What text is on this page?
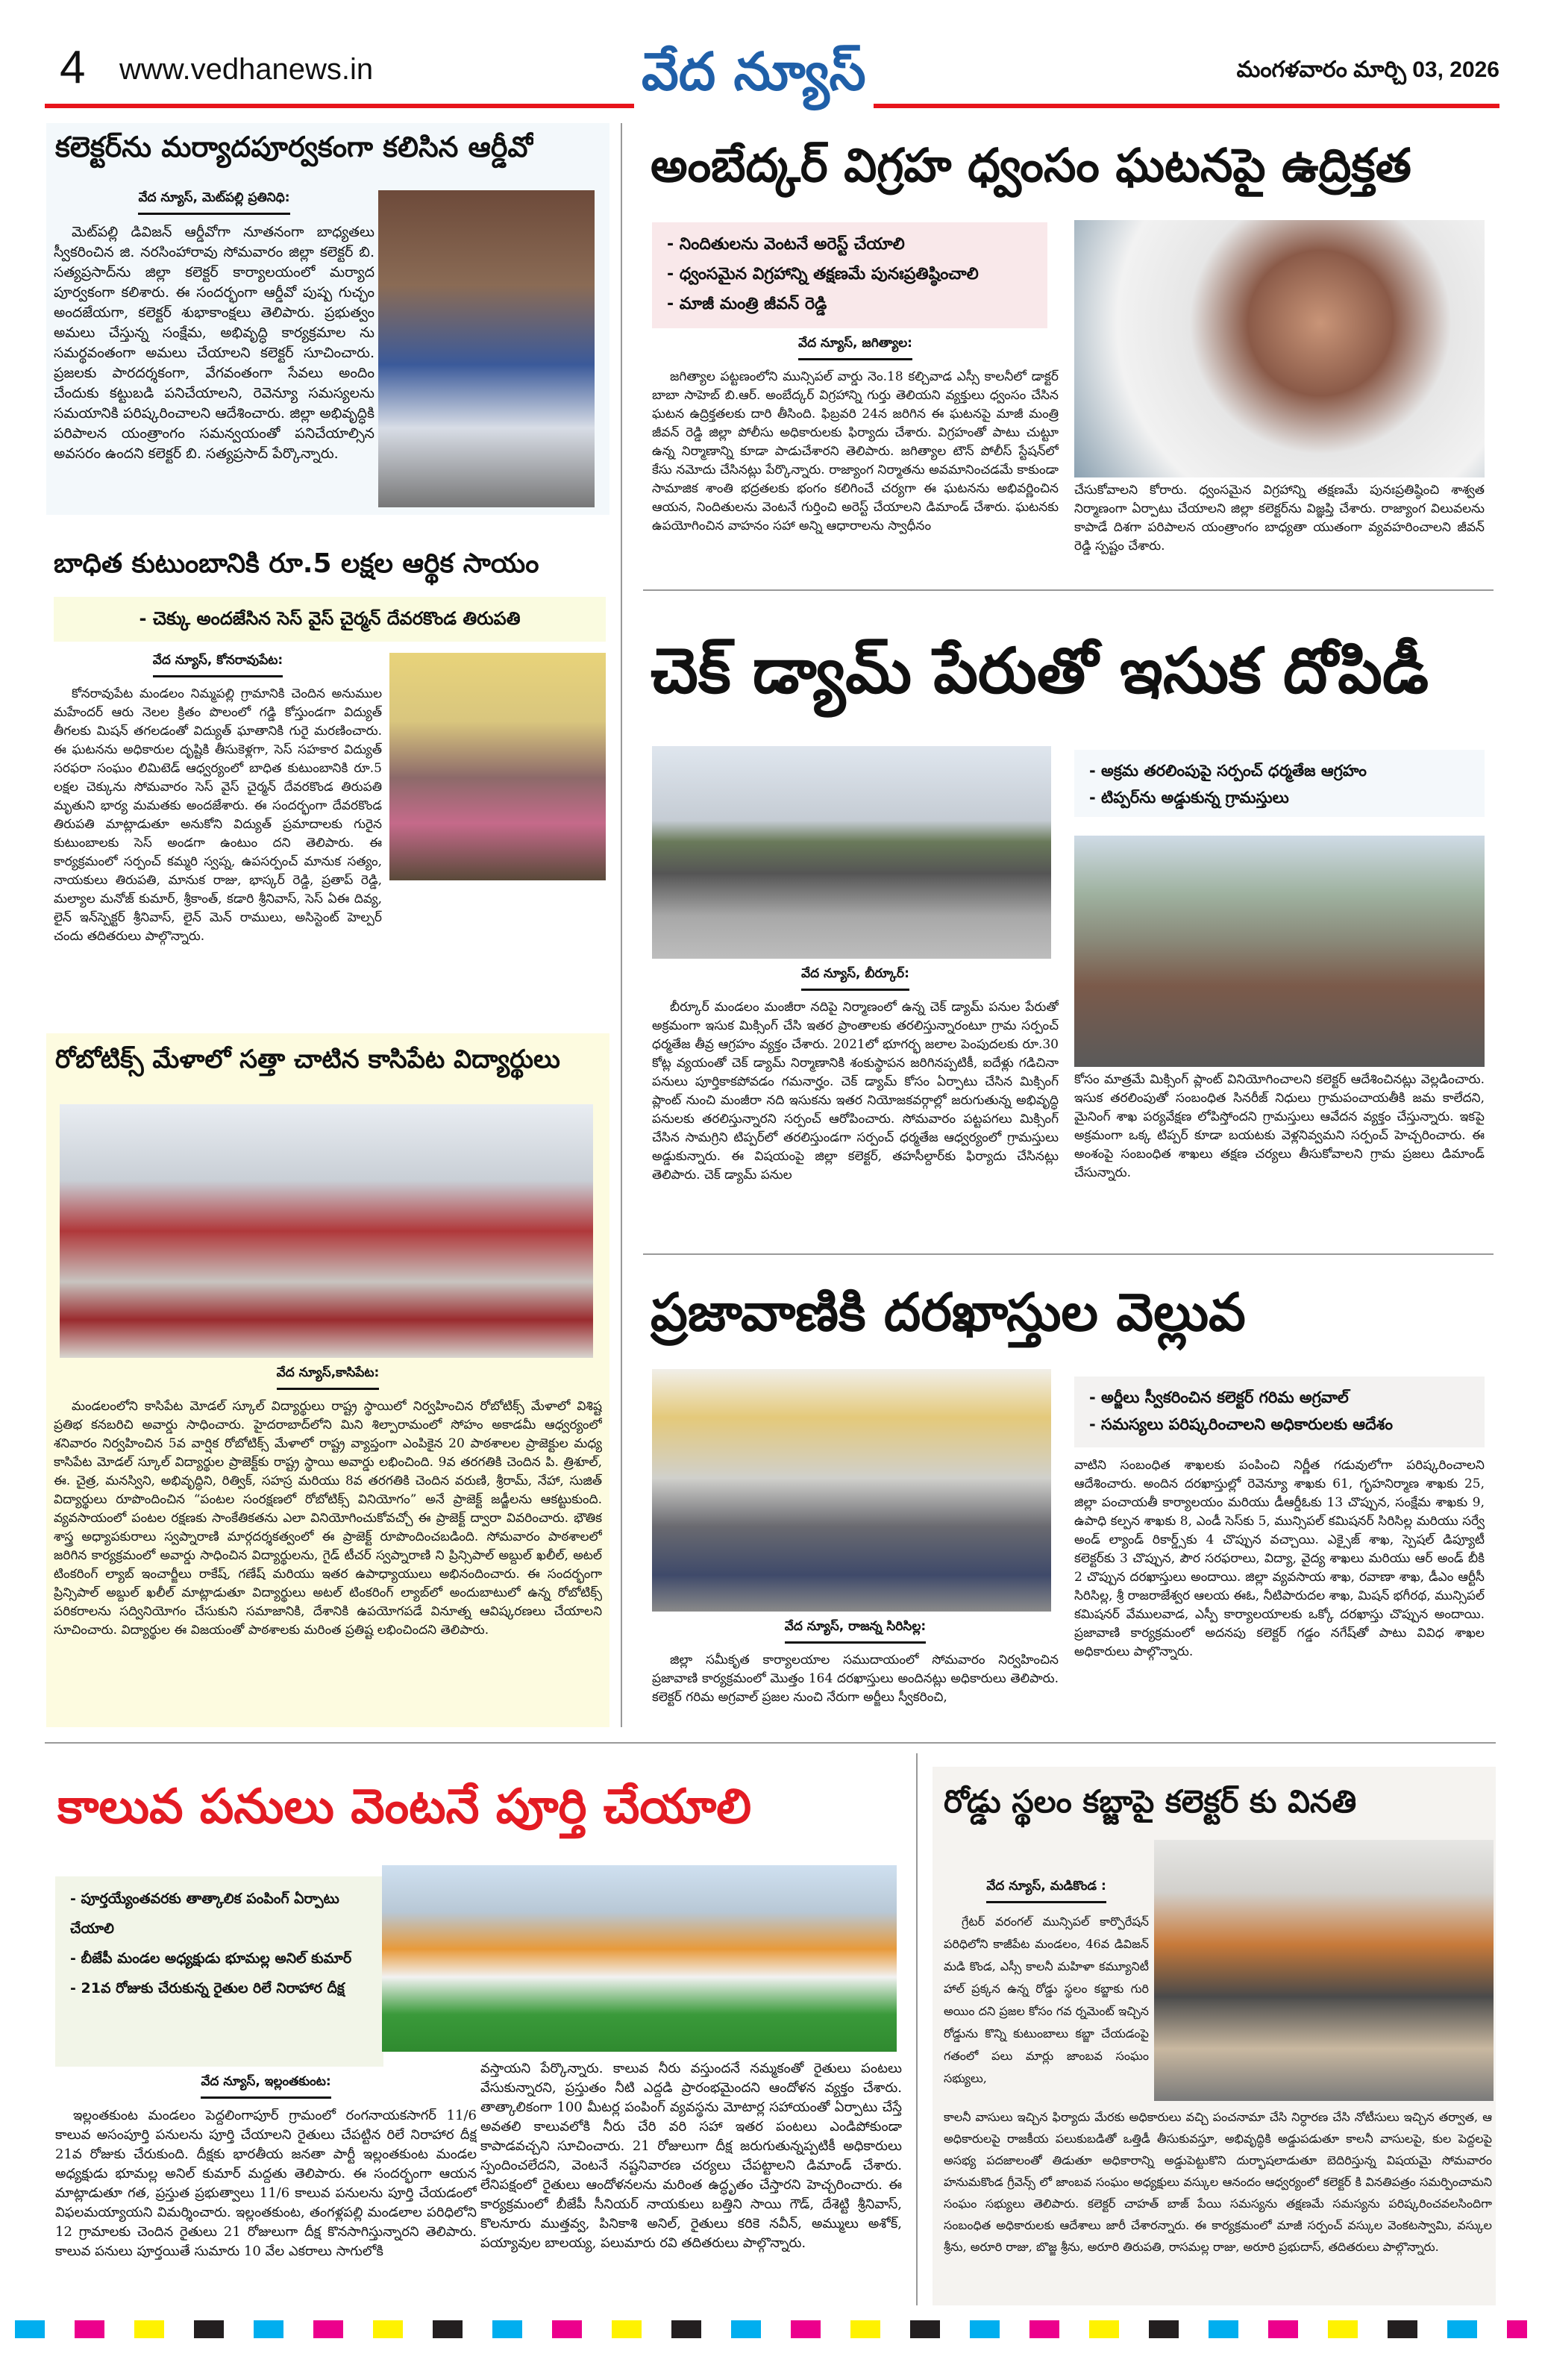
4 www.vedhanews.in	వేద న్యూస్	మంగళవారం మార్చి 03, 2026
కలెక్టర్‌ను మర్యాదపూర్వకంగా కలిసిన ఆర్డీవో
వేద న్యూస్, మెట్‌పల్లి ప్రతినిధి:
మెట్‌పల్లి డివిజన్ ఆర్డీవోగా నూతనంగా బాధ్యతలు స్వీకరించిన జి. నరసింహారావు సోమవారం జిల్లా కలెక్టర్ బి. సత్యప్రసాద్‌ను జిల్లా కలెక్టర్ కార్యాలయంలో మర్యాద పూర్వకంగా కలిశారు. ఈ సందర్భంగా ఆర్డీవో పుష్ప గుచ్ఛం అందజేయగా, కలెక్టర్ శుభాకాంక్షలు తెలిపారు. ప్రభుత్వం అమలు చేస్తున్న సంక్షేమ, అభివృద్ధి కార్యక్రమాల ను సమర్థవంతంగా అమలు చేయాలని కలెక్టర్ సూచించారు. ప్రజలకు పారదర్శకంగా, వేగవంతంగా సేవలు అందిం చేందుకు కట్టుబడి పనిచేయాలని, రెవెన్యూ సమస్యలను సమయానికి పరిష్కరించాలని ఆదేశించారు. జిల్లా అభివృద్ధికి పరిపాలన యంత్రాంగం సమన్వయంతో పనిచేయాల్సిన అవసరం ఉందని కలెక్టర్ బి. సత్యప్రసాద్ పేర్కొన్నారు.
బాధిత కుటుంబానికి రూ.5 లక్షల ఆర్థిక సాయం
- చెక్కు అందజేసిన సెస్ వైస్ చైర్మన్ దేవరకొండ తిరుపతి
వేద న్యూస్, కోనరావుపేట:
కోనరావుపేట మండలం నిమ్మపల్లి గ్రామానికి చెందిన అనుముల మహేందర్ ఆరు నెలల క్రితం పొలంలో గడ్డి కోస్తుండగా విద్యుత్ తీగలకు మిషన్ తగలడంతో విద్యుత్ ఘాతానికి గురై మరణించారు. ఈ ఘటనను అధికారుల దృష్టికి తీసుకెళ్లగా, సెస్ సహకార విద్యుత్ సరఫరా సంఘం లిమిటెడ్ ఆధ్వర్యంలో బాధిత కుటుంబానికి రూ.5 లక్షల చెక్కును సోమవారం సెస్ వైస్ చైర్మన్ దేవరకొండ తిరుపతి మృతుని భార్య మమతకు అందజేశారు. ఈ సందర్భంగా దేవరకొండ తిరుపతి మాట్లాడుతూ అనుకోని విద్యుత్ ప్రమాదాలకు గురైన కుటుంబాలకు సెస్ అండగా ఉంటుం దని తెలిపారు. ఈ కార్యక్రమంలో సర్పంచ్ కమ్మరి స్వప్న, ఉపసర్పంచ్ మానుక సత్యం, నాయకులు తిరుపతి, మానుక రాజు, భాస్కర్ రెడ్డి, ప్రతాప్ రెడ్డి, మల్యాల మనోజ్ కుమార్, శ్రీకాంత్, కడారి శ్రీనివాస్, సెస్ ఏఈ దివ్య, లైన్ ఇన్‌స్పెక్టర్ శ్రీనివాస్, లైన్ మెన్ రాములు, అసిస్టెంట్ హెల్పర్ చందు తదితరులు పాల్గొన్నారు.
రోబోటిక్స్ మేళాలో సత్తా చాటిన కాసిపేట విద్యార్థులు
వేద న్యూస్,కాసిపేట:
మండలంలోని కాసిపేట మోడల్ స్కూల్ విద్యార్థులు రాష్ట్ర స్థాయిలో నిర్వహించిన రోబోటిక్స్ మేళాలో విశిష్ట ప్రతిభ కనబరిచి అవార్డు సాధించారు. హైదరాబాద్‌లోని మిని శిల్పారామంలో సోహం అకాడమీ ఆధ్వర్యంలో శనివారం నిర్వహించిన 5వ వార్షిక రోబోటిక్స్ మేళాలో రాష్ట్ర వ్యాప్తంగా ఎంపికైన 20 పాఠశాలల ప్రాజెక్టుల మధ్య కాసిపేట మోడల్ స్కూల్ విద్యార్థుల ప్రాజెక్ట్‌కు రాష్ట్ర స్థాయి అవార్డు లభించింది. 9వ తరగతికి చెందిన పి. త్రిశూల్, ఈ. చైత్ర, మనస్విని, అభివృద్ధిని, రిత్విక్, సహస్ర మరియు 8వ తరగతికి చెందిన వరుణి, శ్రీరామ్, నేహా, సుజిత్ విద్యార్థులు రూపొందించిన “పంటల సంరక్షణలో రోబోటిక్స్ వినియోగం” అనే ప్రాజెక్ట్ జడ్జీలను ఆకట్టుకుంది. వ్యవసాయంలో పంటల రక్షణకు సాంకేతికతను ఎలా వినియోగించుకోవచ్చో ఈ ప్రాజెక్ట్ ద్వారా వివరించారు. భౌతిక శాస్త్ర అధ్యాపకురాలు స్వప్నారాణి మార్గదర్శకత్వంలో ఈ ప్రాజెక్ట్ రూపొందించబడింది. సోమవారం పాఠశాలలో జరిగిన కార్యక్రమంలో అవార్డు సాధించిన విద్యార్థులను, గైడ్ టీచర్ స్వప్నారాణి ని ప్రిన్సిపాల్ అబ్దుల్ ఖలీల్, అటల్ టింకరింగ్ ల్యాబ్ ఇంచార్జీలు రాకేష్, గణేష్ మరియు ఇతర ఉపాధ్యాయులు అభినందించారు. ఈ సందర్భంగా ప్రిన్సిపాల్ అబ్దుల్ ఖలీల్ మాట్లాడుతూ విద్యార్థులు అటల్ టింకరింగ్ ల్యాబ్‌లో అందుబాటులో ఉన్న రోబోటిక్స్ పరికరాలను సద్వినియోగం చేసుకుని సమాజానికి, దేశానికి ఉపయోగపడే వినూత్న ఆవిష్కరణలు చేయాలని సూచించారు. విద్యార్థుల ఈ విజయంతో పాఠశాలకు మరింత ప్రతిష్ట లభించిందని తెలిపారు.
అంబేద్కర్ విగ్రహ ధ్వంసం ఘటనపై ఉద్రిక్తత
- నిందితులను వెంటనే అరెస్ట్ చేయాలి
- ధ్వంసమైన విగ్రహాన్ని తక్షణమే పునఃప్రతిష్ఠించాలి
- మాజీ మంత్రి జీవన్ రెడ్డి
వేద న్యూస్, జగిత్యాల:
జగిత్యాల పట్టణంలోని మున్సిపల్ వార్డు నెం.18 కల్చివాడ ఎస్సీ కాలనీలో డాక్టర్ బాబా సాహెబ్ బి.ఆర్. అంబేద్కర్ విగ్రహాన్ని గుర్తు తెలియని వ్యక్తులు ధ్వంసం చేసిన ఘటన ఉద్రిక్తతలకు దారి తీసింది. ఫిబ్రవరి 24న జరిగిన ఈ ఘటనపై మాజీ మంత్రి జీవన్ రెడ్డి జిల్లా పోలీసు అధికారులకు ఫిర్యాదు చేశారు. విగ్రహంతో పాటు చుట్టూ ఉన్న నిర్మాణాన్ని కూడా పాడుచేశారని తెలిపారు. జగిత్యాల టౌన్ పోలీస్ స్టేషన్‌లో కేసు నమోదు చేసినట్లు పేర్కొన్నారు. రాజ్యాంగ నిర్మాతను అవమానించడమే కాకుండా సామాజిక శాంతి భద్రతలకు భంగం కలిగించే చర్యగా ఈ ఘటనను అభివర్ణించిన ఆయన, నిందితులను వెంటనే గుర్తించి అరెస్ట్ చేయాలని డిమాండ్ చేశారు. ఘటనకు ఉపయోగించిన వాహనం సహా అన్ని ఆధారాలను స్వాధీనం
చేసుకోవాలని కోరారు. ధ్వంసమైన విగ్రహాన్ని తక్షణమే పునఃప్రతిష్ఠించి శాశ్వత నిర్మాణంగా ఏర్పాటు చేయాలని జిల్లా కలెక్టర్‌ను విజ్ఞప్తి చేశారు. రాజ్యాంగ విలువలను కాపాడే దిశగా పరిపాలన యంత్రాంగం బాధ్యతా యుతంగా వ్యవహరించాలని జీవన్ రెడ్డి స్పష్టం చేశారు.
చెక్ డ్యామ్ పేరుతో ఇసుక దోపిడీ
వేద న్యూస్, బీర్కూర్:
బీర్కూర్ మండలం మంజీరా నదిపై నిర్మాణంలో ఉన్న చెక్ డ్యామ్ పనుల పేరుతో అక్రమంగా ఇసుక మిక్సింగ్ చేసి ఇతర ప్రాంతాలకు తరలిస్తున్నారంటూ గ్రామ సర్పంచ్ ధర్మతేజ తీవ్ర ఆగ్రహం వ్యక్తం చేశారు. 2021లో భూగర్భ జలాల పెంపుదలకు రూ.30 కోట్ల వ్యయంతో చెక్ డ్యామ్ నిర్మాణానికి శంకుస్థాపన జరిగినప్పటికీ, ఐదేళ్లు గడిచినా పనులు పూర్తికాకపోవడం గమనార్హం. చెక్ డ్యామ్ కోసం ఏర్పాటు చేసిన మిక్సింగ్ ప్లాంట్ నుంచి మంజీరా నది ఇసుకను ఇతర నియోజకవర్గాల్లో జరుగుతున్న అభివృద్ధి పనులకు తరలిస్తున్నారని సర్పంచ్ ఆరోపించారు. సోమవారం పట్టపగలు మిక్సింగ్ చేసిన సామగ్రిని టిప్పర్‌లో తరలిస్తుండగా సర్పంచ్ ధర్మతేజ ఆధ్వర్యంలో గ్రామస్తులు అడ్డుకున్నారు. ఈ విషయంపై జిల్లా కలెక్టర్, తహసీల్దార్‌కు ఫిర్యాదు చేసినట్లు తెలిపారు. చెక్ డ్యామ్ పనుల
- అక్రమ తరలింపుపై సర్పంచ్ ధర్మతేజ ఆగ్రహం
- టిప్పర్‌ను అడ్డుకున్న గ్రామస్తులు
కోసం మాత్రమే మిక్సింగ్ ప్లాంట్ వినియోగించాలని కలెక్టర్ ఆదేశించినట్లు వెల్లడించారు. ఇసుక తరలింపుతో సంబంధిత సినరీజ్ నిధులు గ్రామపంచాయతీకి జమ కాలేదని, మైనింగ్ శాఖ పర్యవేక్షణ లోపిస్తోందని గ్రామస్తులు ఆవేదన వ్యక్తం చేస్తున్నారు. ఇకపై అక్రమంగా ఒక్క టిప్పర్ కూడా బయటకు వెళ్లనివ్వమని సర్పంచ్ హెచ్చరించారు. ఈ అంశంపై సంబంధిత శాఖలు తక్షణ చర్యలు తీసుకోవాలని గ్రామ ప్రజలు డిమాండ్ చేసున్నారు.
ప్రజావాణికి దరఖాస్తుల వెల్లువ
వేద న్యూస్, రాజన్న సిరిసిల్ల:
జిల్లా సమీకృత కార్యాలయాల సముదాయంలో సోమవారం నిర్వహించిన ప్రజావాణి కార్యక్రమంలో మొత్తం 164 దరఖాస్తులు అందినట్లు అధికారులు తెలిపారు. కలెక్టర్ గరిమ అగ్రవాల్ ప్రజల నుంచి నేరుగా అర్జీలు స్వీకరించి,
- అర్జీలు స్వీకరించిన కలెక్టర్ గరిమ అగ్రవాల్
- సమస్యలు పరిష్కరించాలని అధికారులకు ఆదేశం
వాటిని సంబంధిత శాఖలకు పంపించి నిర్ణీత గడువులోగా పరిష్కరించాలని ఆదేశించారు. అందిన దరఖాస్తుల్లో రెవెన్యూ శాఖకు 61, గృహనిర్మాణ శాఖకు 25, జిల్లా పంచాయతీ కార్యాలయం మరియు డీఆర్డీఓకు 13 చొప్పున, సంక్షేమ శాఖకు 9, ఉపాధి కల్పన శాఖకు 8, ఎండీ సెస్‌కు 5, మున్సిపల్ కమిషనర్ సిరిసిల్ల మరియు సర్వే అండ్ ల్యాండ్ రికార్డ్స్‌కు 4 చొప్పున వచ్చాయి. ఎక్సైజ్ శాఖ, స్పెషల్ డిప్యూటీ కలెక్టర్‌కు 3 చొప్పున, పౌర సరఫరాలు, విద్యా, వైద్య శాఖలు మరియు ఆర్ అండ్ బీకి 2 చొప్పున దరఖాస్తులు అందాయి. జిల్లా వ్యవసాయ శాఖ, రవాణా శాఖ, డీఎం ఆర్టీసీ సిరిసిల్ల, శ్రీ రాజరాజేశ్వర ఆలయ ఈఓ, నీటిపారుదల శాఖ, మిషన్ భగీరథ, మున్సిపల్ కమిషనర్ వేములవాడ, ఎస్పీ కార్యాలయాలకు ఒక్కో దరఖాస్తు చొప్పున అందాయి. ప్రజావాణి కార్యక్రమంలో అదనపు కలెక్టర్ గడ్డం నగేష్‌తో పాటు వివిధ శాఖల అధికారులు పాల్గొన్నారు.
కాలువ పనులు వెంటనే పూర్తి చేయాలి
- పూర్తయ్యేంతవరకు తాత్కాలిక పంపింగ్ ఏర్పాటు చేయాలి
- బీజేపీ మండల అధ్యక్షుడు భూమల్ల అనిల్ కుమార్
- 21వ రోజుకు చేరుకున్న రైతుల రిలే నిరాహార దీక్ష
వేద న్యూస్, ఇల్లంతకుంట:
ఇల్లంతకుంట మండలం పెద్దలింగాపూర్ గ్రామంలో రంగనాయకసాగర్ 11/6 కాలువ అసంపూర్తి పనులను పూర్తి చేయాలని రైతులు చేపట్టిన రిలే నిరాహార దీక్ష 21వ రోజుకు చేరుకుంది. దీక్షకు భారతీయ జనతా పార్టీ ఇల్లంతకుంట మండల అధ్యక్షుడు భూమల్ల అనిల్ కుమార్ మద్దతు తెలిపారు. ఈ సందర్భంగా ఆయన మాట్లాడుతూ గత, ప్రస్తుత ప్రభుత్వాలు 11/6 కాలువ పనులను పూర్తి చేయడంలో విఫలమయ్యాయని విమర్శించారు. ఇల్లంతకుంట, తంగళ్లపల్లి మండలాల పరిధిలోని 12 గ్రామాలకు చెందిన రైతులు 21 రోజులుగా దీక్ష కొనసాగిస్తున్నారని తెలిపారు. కాలువ పనులు పూర్తయితే సుమారు 10 వేల ఎకరాలు సాగులోకి
వస్తాయని పేర్కొన్నారు. కాలువ నీరు వస్తుందనే నమ్మకంతో రైతులు పంటలు వేసుకున్నారని, ప్రస్తుతం నీటి ఎద్దడి ప్రారంభమైందని ఆందోళన వ్యక్తం చేశారు. తాత్కాలికంగా 100 మీటర్ల పంపింగ్ వ్యవస్థను మోటార్ల సహాయంతో ఏర్పాటు చేస్తే అవతలి కాలువలోకి నీరు చేరి వరి సహా ఇతర పంటలు ఎండిపోకుండా కాపాడవచ్చని సూచించారు. 21 రోజులుగా దీక్ష జరుగుతున్నప్పటికీ అధికారులు స్పందించలేదని, వెంటనే నష్టనివారణ చర్యలు చేపట్టాలని డిమాండ్ చేశారు. లేనిపక్షంలో రైతులు ఆందోళనలను మరింత ఉద్ధృతం చేస్తారని హెచ్చరించారు. ఈ కార్యక్రమంలో బీజేపీ సీనియర్ నాయకులు బత్తిని సాయి గౌడ్, దేశెట్టి శ్రీనివాస్, కొలనూరు ముత్తవ్వ, పినికాశి అనిల్, రైతులు కరికె నవీన్, అమ్ములు అశోక్, పయ్యావుల బాలయ్య, పలుమారు రవి తదితరులు పాల్గొన్నారు.
రోడ్డు స్థలం కబ్జాపై కలెక్టర్ కు వినతి
వేద న్యూస్, మడికొండ :
గ్రేటర్ వరంగల్ మున్సిపల్ కార్పొరేషన్ పరిధిలోని కాజీపేట మండలం, 46వ డివిజన్ మడి కొండ, ఎస్సీ కాలనీ మహిళా కమ్యూనిటీ హాల్ ప్రక్కన ఉన్న రోడ్డు స్థలం కబ్జాకు గురి అయిం దని ప్రజల కోసం గవ ర్నమెంట్ ఇచ్చిన రోడ్డును కొన్ని కుటుంబాలు కబ్జా చేయడంపై గతంలో పలు మార్లు జాంబవ సంఘం సభ్యులు,
కాలనీ వాసులు ఇచ్చిన ఫిర్యాదు మేరకు అధికారులు వచ్చి పంచనామా చేసి నిర్ధారణ చేసి నోటీసులు ఇచ్చిన తర్వాత, ఆ అధికారులపై రాజకీయ పలుకుబడితో ఒత్తిడీ తీసుకువస్తూ, అభివృద్ధికి అడ్డుపడుతూ కాలనీ వాసులపై, కుల పెద్దలపై అసభ్య పదజాలంతో తిడుతూ అధికారాన్ని అడ్డుపెట్టుకొని దుర్భాషలాడుతూ బెదిరిస్తున్న విషయమై సోమవారం హనుమకొండ గ్రీవెన్స్ లో జాంబవ సంఘం అధ్యక్షులు వస్కుల ఆనందం ఆధ్వర్యంలో కలెక్టర్ కి వినతిపత్రం సమర్పించామని సంఘం సభ్యులు తెలిపారు. కలెక్టర్ చాహత్ బాజ్ పేయి సమస్యను తక్షణమే సమస్యను పరిష్కరించవలసిందిగా సంబంధిత అధికారులకు ఆదేశాలు జారీ చేశారన్నారు. ఈ కార్యక్రమంలో మాజీ సర్పంచ్ వస్కుల వెంకటస్వామి, వస్కుల శ్రీను, అరూరి రాజు, బొజ్జ శ్రీను, అరూరి తిరుపతి, రాసమల్ల రాజు, అరూరి ప్రభుదాస్, తదితరులు పాల్గొన్నారు.
